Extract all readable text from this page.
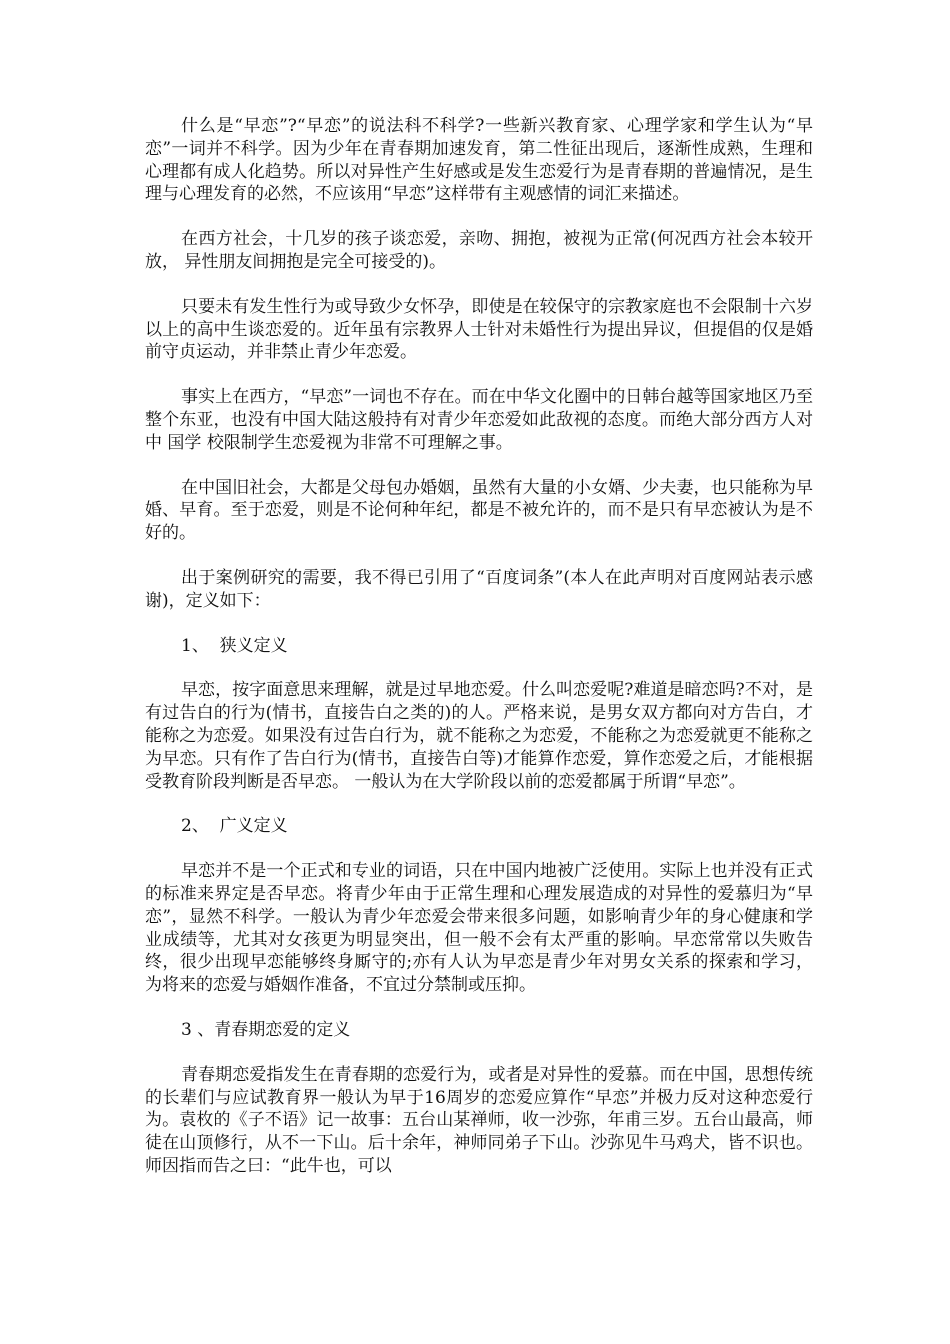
什么是“早恋”?“早恋”的说法科不科学?一些新兴教育家、心理学家和学生认为“早恋”一词并不科学。因为少年在青春期加速发育，第二性征出现后，逐渐性成熟，生理和心理都有成人化趋势。所以对异性产生好感或是发生恋爱行为是青春期的普遍情况，是生理与心理发育的必然，不应该用“早恋”这样带有主观感情的词汇来描述。

在西方社会，十几岁的孩子谈恋爱，亲吻、拥抱，被视为正常(何况西方社会本较开放， 异性朋友间拥抱是完全可接受的)。

只要未有发生性行为或导致少女怀孕，即使是在较保守的宗教家庭也不会限制十六岁以上的高中生谈恋爱的。近年虽有宗教界人士针对未婚性行为提出异议，但提倡的仅是婚前守贞运动，并非禁止青少年恋爱。

事实上在西方，“早恋”一词也不存在。而在中华文化圈中的日韩台越等国家地区乃至整个东亚，也没有中国大陆这般持有对青少年恋爱如此敌视的态度。而绝大部分西方人对中 国学 校限制学生恋爱视为非常不可理解之事。

在中国旧社会，大都是父母包办婚姻，虽然有大量的小女婿、少夫妻，也只能称为早婚、早育。至于恋爱，则是不论何种年纪，都是不被允许的，而不是只有早恋被认为是不好的。

出于案例研究的需要，我不得已引用了“百度词条”(本人在此声明对百度网站表示感谢)，定义如下：

1、  狭义定义

早恋，按字面意思来理解，就是过早地恋爱。什么叫恋爱呢?难道是暗恋吗?不对，是有过告白的行为(情书，直接告白之类的)的人。严格来说，是男女双方都向对方告白，才能称之为恋爱。如果没有过告白行为，就不能称之为恋爱，不能称之为恋爱就更不能称之为早恋。只有作了告白行为(情书，直接告白等)才能算作恋爱，算作恋爱之后，才能根据受教育阶段判断是否早恋。 一般认为在大学阶段以前的恋爱都属于所谓“早恋”。

2、  广义定义

早恋并不是一个正式和专业的词语，只在中国内地被广泛使用。实际上也并没有正式的标准来界定是否早恋。将青少年由于正常生理和心理发展造成的对异性的爱慕归为“早恋”，显然不科学。一般认为青少年恋爱会带来很多问题，如影响青少年的身心健康和学业成绩等，尤其对女孩更为明显突出，但一般不会有太严重的影响。早恋常常以失败告终，很少出现早恋能够终身厮守的;亦有人认为早恋是青少年对男女关系的探索和学习，为将来的恋爱与婚姻作准备，不宜过分禁制或压抑。

3 、青春期恋爱的定义

青春期恋爱指发生在青春期的恋爱行为，或者是对异性的爱慕。而在中国，思想传统的长辈们与应试教育界一般认为早于16周岁的恋爱应算作“早恋”并极力反对这种恋爱行为。袁枚的《子不语》记一故事：五台山某禅师，收一沙弥，年甫三岁。五台山最高，师徒在山顶修行，从不一下山。后十余年，神师同弟子下山。沙弥见牛马鸡犬，皆不识也。师因指而告之曰：“此牛也，可以
